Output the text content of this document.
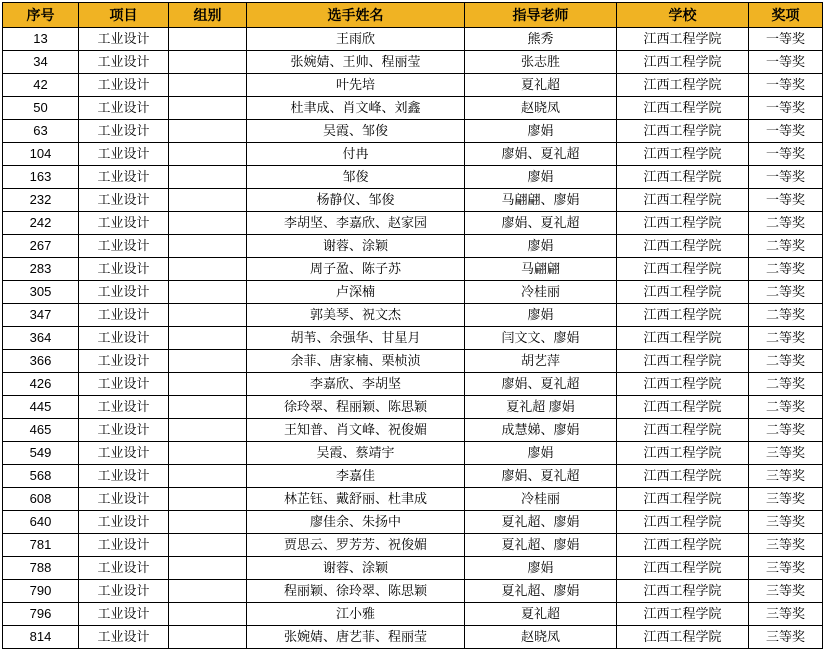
序号	项目	组别	选手姓名	指导老师	学校	奖项
13	工业设计		王雨欣	熊秀	江西工程学院	一等奖
34	工业设计		张婉婧、王帅、程丽莹	张志胜	江西工程学院	一等奖
42	工业设计		叶先培	夏礼超	江西工程学院	一等奖
50	工业设计		杜聿成、肖文峰、刘鑫	赵晓凤	江西工程学院	一等奖
63	工业设计		吴霞、邹俊	廖娟	江西工程学院	一等奖
104	工业设计		付冉	廖娟、夏礼超	江西工程学院	一等奖
163	工业设计		邹俊	廖娟	江西工程学院	一等奖
232	工业设计		杨静仪、邹俊	马翩翩、廖娟	江西工程学院	一等奖
242	工业设计		李胡坚、李嘉欣、赵家园	廖娟、夏礼超	江西工程学院	二等奖
267	工业设计		谢蓉、涂颖	廖娟	江西工程学院	二等奖
283	工业设计		周子盈、陈子苏	马翩翩	江西工程学院	二等奖
305	工业设计		卢深楠	冷桂丽	江西工程学院	二等奖
347	工业设计		郭美琴、祝文杰	廖娟	江西工程学院	二等奖
364	工业设计		胡苇、余强华、甘星月	闫文文、廖娟	江西工程学院	二等奖
366	工业设计		余菲、唐家楠、栗桢浈	胡艺萍	江西工程学院	二等奖
426	工业设计		李嘉欣、李胡坚	廖娟、夏礼超	江西工程学院	二等奖
445	工业设计		徐玲翠、程丽颖、陈思颖	夏礼超 廖娟	江西工程学院	二等奖
465	工业设计		王知普、肖文峰、祝俊媚	成慧娣、廖娟	江西工程学院	二等奖
549	工业设计		吴霞、蔡靖宇	廖娟	江西工程学院	三等奖
568	工业设计		李嘉佳	廖娟、夏礼超	江西工程学院	三等奖
608	工业设计		林芷钰、戴舒丽、杜聿成	冷桂丽	江西工程学院	三等奖
640	工业设计		廖佳余、朱扬中	夏礼超、廖娟	江西工程学院	三等奖
781	工业设计		贾思云、罗芳芳、祝俊媚	夏礼超、廖娟	江西工程学院	三等奖
788	工业设计		谢蓉、涂颖	廖娟	江西工程学院	三等奖
790	工业设计		程丽颖、徐玲翠、陈思颖	夏礼超、廖娟	江西工程学院	三等奖
796	工业设计		江小雅	夏礼超	江西工程学院	三等奖
814	工业设计		张婉婧、唐艺菲、程丽莹	赵晓凤	江西工程学院	三等奖
